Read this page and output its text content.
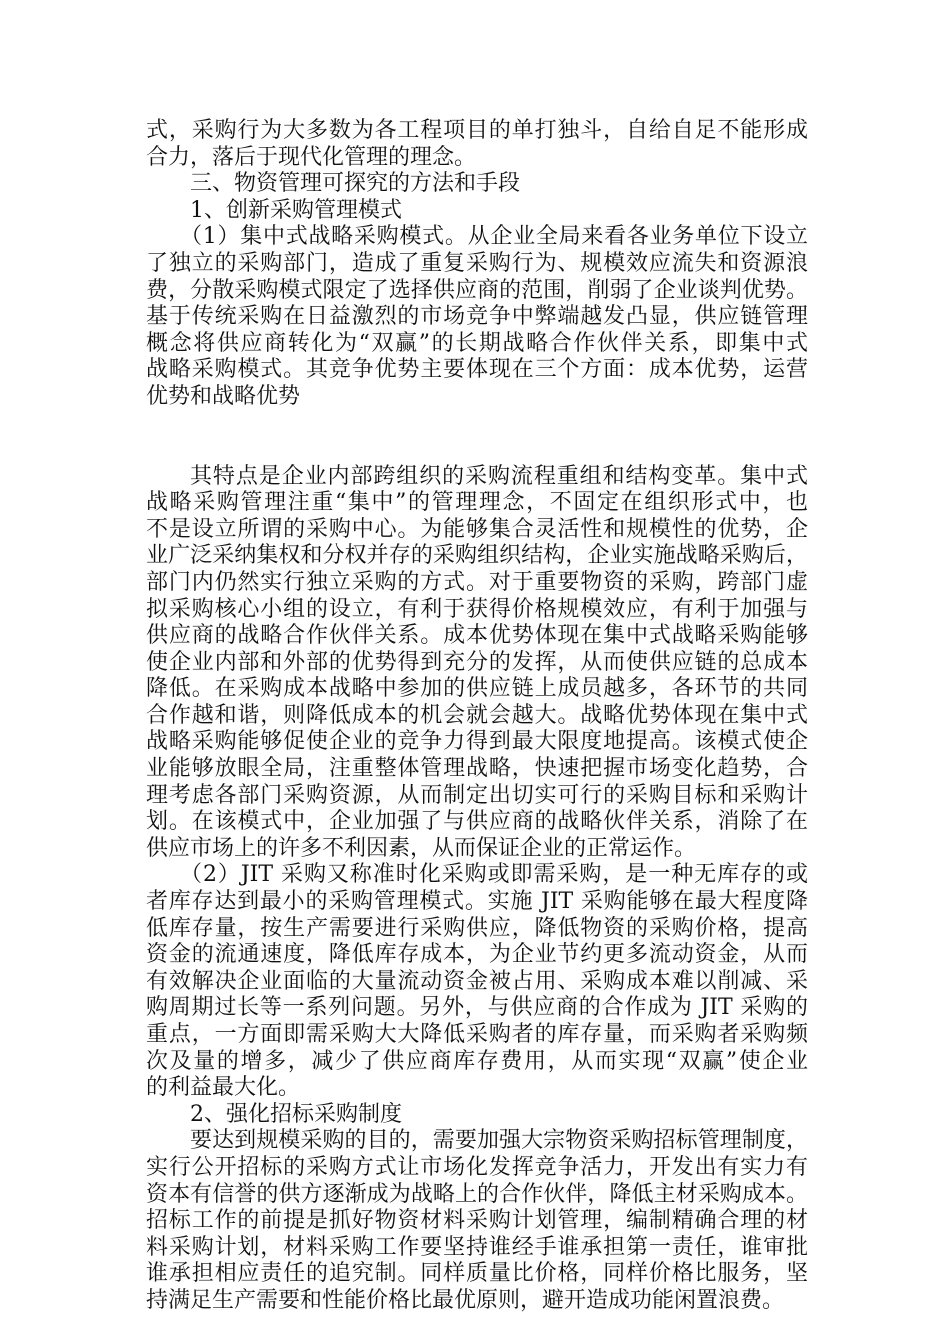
式，采购行为大多数为各工程项目的单打独斗，自给自足不能形成
合力，落后于现代化管理的理念。
三、物资管理可探究的方法和手段
1、创新采购管理模式
（1）集中式战略采购模式。从企业全局来看各业务单位下设立
了独立的采购部门，造成了重复采购行为、规模效应流失和资源浪
费，分散采购模式限定了选择供应商的范围，削弱了企业谈判优势。
基于传统采购在日益激烈的市场竞争中弊端越发凸显，供应链管理
概念将供应商转化为“双赢”的长期战略合作伙伴关系，即集中式
战略采购模式。其竞争优势主要体现在三个方面：成本优势，运营
优势和战略优势
其特点是企业内部跨组织的采购流程重组和结构变革。集中式
战略采购管理注重“集中”的管理理念，不固定在组织形式中，也
不是设立所谓的采购中心。为能够集合灵活性和规模性的优势，企
业广泛采纳集权和分权并存的采购组织结构，企业实施战略采购后，
部门内仍然实行独立采购的方式。对于重要物资的采购，跨部门虚
拟采购核心小组的设立，有利于获得价格规模效应，有利于加强与
供应商的战略合作伙伴关系。成本优势体现在集中式战略采购能够
使企业内部和外部的优势得到充分的发挥，从而使供应链的总成本
降低。在采购成本战略中参加的供应链上成员越多，各环节的共同
合作越和谐，则降低成本的机会就会越大。战略优势体现在集中式
战略采购能够促使企业的竞争力得到最大限度地提高。该模式使企
业能够放眼全局，注重整体管理战略，快速把握市场变化趋势，合
理考虑各部门采购资源，从而制定出切实可行的采购目标和采购计
划。在该模式中，企业加强了与供应商的战略伙伴关系，消除了在
供应市场上的许多不利因素，从而保证企业的正常运作。
（2）JIT 采购又称准时化采购或即需采购，是一种无库存的或
者库存达到最小的采购管理模式。实施 JIT 采购能够在最大程度降
低库存量，按生产需要进行采购供应，降低物资的采购价格，提高
资金的流通速度，降低库存成本，为企业节约更多流动资金，从而
有效解决企业面临的大量流动资金被占用、采购成本难以削减、采
购周期过长等一系列问题。另外，与供应商的合作成为 JIT 采购的
重点，一方面即需采购大大降低采购者的库存量，而采购者采购频
次及量的增多，减少了供应商库存费用，从而实现“双赢”使企业
的利益最大化。
2、强化招标采购制度
要达到规模采购的目的，需要加强大宗物资采购招标管理制度，
实行公开招标的采购方式让市场化发挥竞争活力，开发出有实力有
资本有信誉的供方逐渐成为战略上的合作伙伴，降低主材采购成本。
招标工作的前提是抓好物资材料采购计划管理，编制精确合理的材
料采购计划，材料采购工作要坚持谁经手谁承担第一责任，谁审批
谁承担相应责任的追究制。同样质量比价格，同样价格比服务，坚
持满足生产需要和性能价格比最优原则，避开造成功能闲置浪费。
